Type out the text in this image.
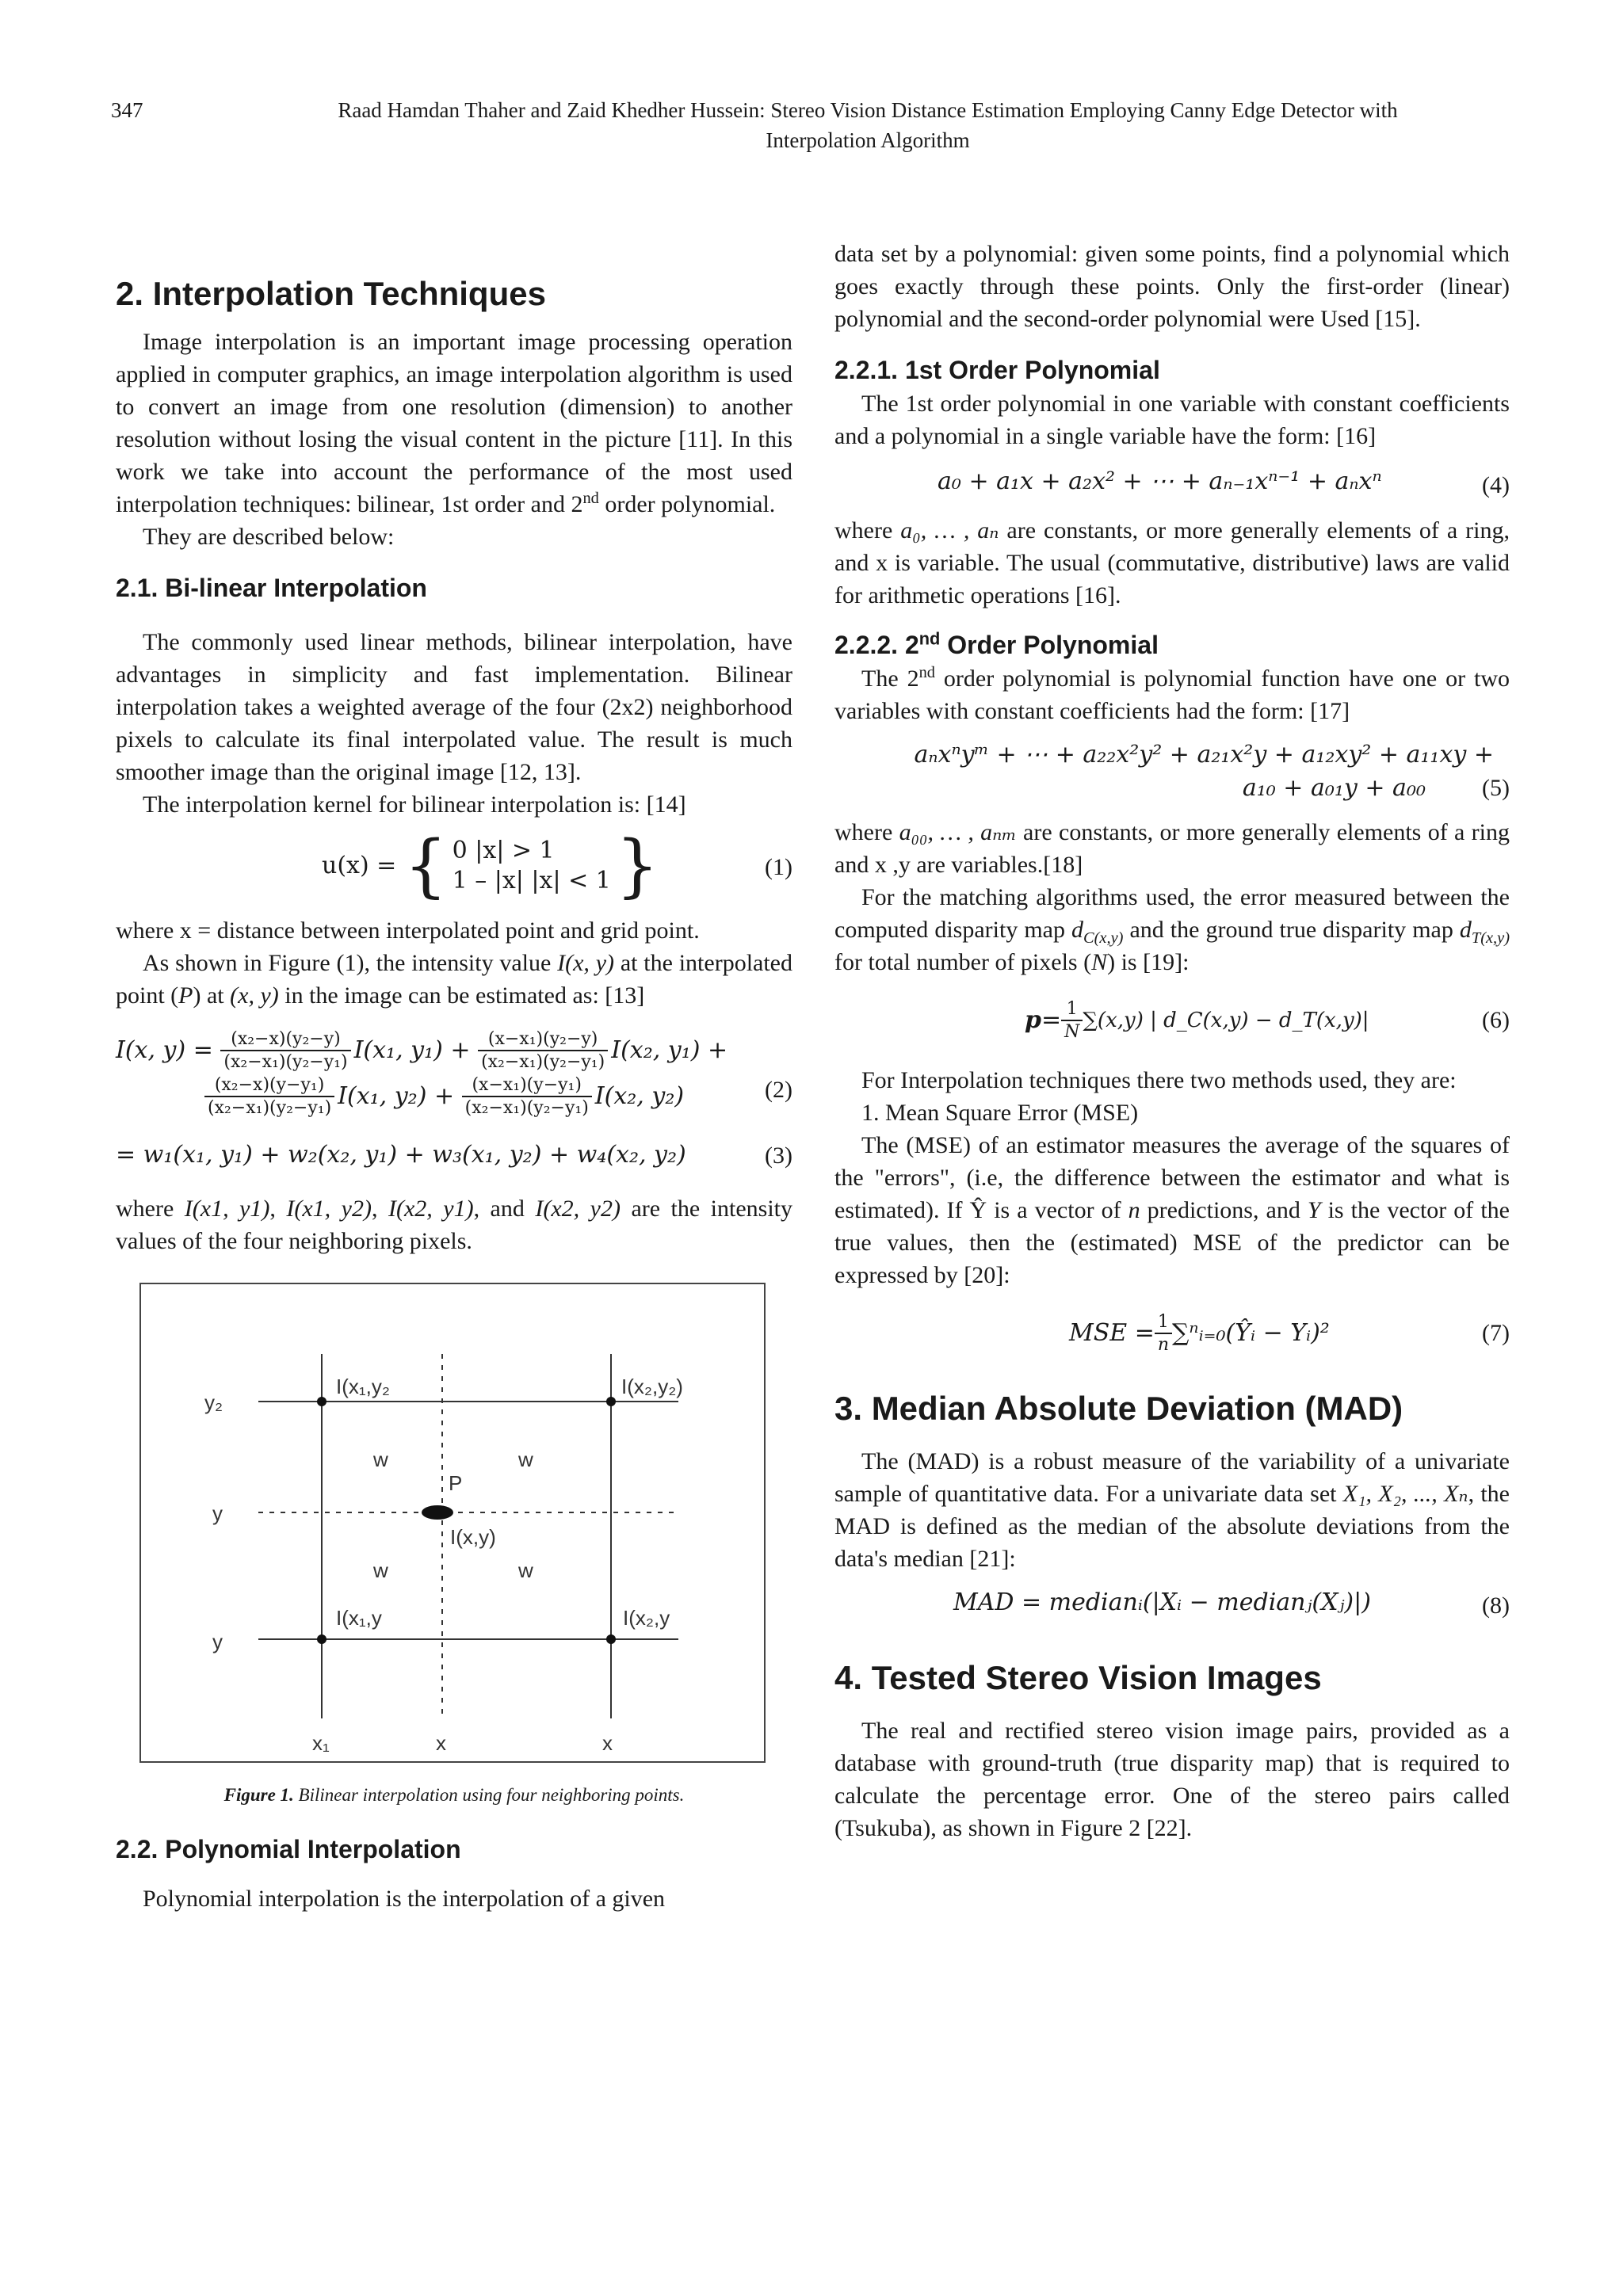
347	Raad Hamdan Thaher and Zaid Khedher Hussein: Stereo Vision Distance Estimation Employing Canny Edge Detector with
Interpolation Algorithm
2. Interpolation Techniques

Image interpolation is an important image processing operation applied in computer graphics, an image interpolation algorithm is used to convert an image from one resolution (dimension) to another resolution without losing the visual content in the picture [11]. In this work we take into account the performance of the most used interpolation techniques: bilinear, 1st order and 2nd order polynomial.

They are described below:

2.1. Bi-linear Interpolation

The commonly used linear methods, bilinear interpolation, have advantages in simplicity and fast implementation. Bilinear interpolation takes a weighted average of the four (2x2) neighborhood pixels to calculate its final interpolated value. The result is much smoother image than the original image [12, 13].

The interpolation kernel for bilinear interpolation is: [14]

u(x) = { 0 |x| > 1
1 – |x| |x| < 1 }	(1)

where x = distance between interpolated point and grid point.

As shown in Figure (1), the intensity value I(x, y) at the interpolated point (P) at (x, y) in the image can be estimated as: [13]

I(x, y) =
$\frac{\text{(x₂−x)(y₂−y)}}{\text{(x₂−x₁)(y₂−y₁)}} I(x_1$, y₁) +
$\frac{\text{(x−x₁)(y₂−y)}}{\text{(x₂−x₁)(y₂−y₁)}} I(x_2$, y₁) +
$\frac{\text{(x₂−x)(y−y₁)}}{\text{(x₂−x₁)(y₂−y₁)}} I(x_1$, y₂) +
$\frac{\text{(x−x₁)(y−y₁)}}{\text{(x₂−x₁)(y₂−y₁)}} I(x_2$, y₂)	(2)
= w₁(x₁, y₁) + w₂(x₂, y₁) + w₃(x₁, y₂) + w₄(x₂, y₂)	(3)

where I(x1, y1), I(x1, y2), I(x2, y1), and I(x2, y2) are the intensity values of the four neighboring pixels.

y₂
y
y
x₁	x	x
I(x₁,y₂	I(x₂,y₂)
I(x₁,y	I(x₂,y
P
I(x,y)
w	w
w	w
Figure 1. Bilinear interpolation using four neighboring points.
2.2. Polynomial Interpolation

Polynomial interpolation is the interpolation of a given

data set by a polynomial: given some points, find a polynomial which goes exactly through these points. Only the first-order (linear) polynomial and the second-order polynomial were Used [15].

2.2.1. 1st Order Polynomial

The 1st order polynomial in one variable with constant coefficients and a polynomial in a single variable have the form: [16]

a₀ + a₁x + a₂x² + ⋯ + aₙ₋₁xⁿ⁻¹ + aₙxⁿ	(4)

where a₀, … , aₙ are constants, or more generally elements of a ring, and x is variable. The usual (commutative, distributive) laws are valid for arithmetic operations [16].

2.2.2. 2nd Order Polynomial

The 2nd order polynomial is polynomial function have one or two variables with constant coefficients had the form: [17]

aₙxⁿyᵐ + ⋯ + a₂₂x²y² + a₂₁x²y + a₁₂xy² + a₁₁xy +
a₁₀ + a₀₁y + a₀₀	(5)

where a₀₀, … , aₙₘ are constants, or more generally elements of a ring and x ,y are variables.[18]

For the matching algorithms used, the error measured between the computed disparity map $d_{C(x,y)}$ and the ground true disparity map $d_{T(x,y)}$ for total number of pixels (N) is [19]:

$p = \frac{1}{N} \sum(x,y)$ | d_C(x,y) − d_T(x,y)|	(6)

For Interpolation techniques there two methods used, they are:

1. Mean Square Error (MSE)

The (MSE) of an estimator measures the average of the squares of the "errors", (i.e, the difference between the estimator and what is estimated). If Ŷ is a vector of n predictions, and Y is the vector of the true values, then the (estimated) MSE of the predictor can be expressed by [20]:

MSE = $\frac{1}{n}$ ∑ⁿᵢ₌₀(Ŷᵢ − Yᵢ)²	(7)
3. Median Absolute Deviation (MAD)

The (MAD) is a robust measure of the variability of a univariate sample of quantitative data. For a univariate data set X₁, X₂, ..., Xₙ, the MAD is defined as the median of the absolute deviations from the data's median [21]:

MAD = medianᵢ(|Xᵢ − medianⱼ(Xⱼ)|)	(8)
4. Tested Stereo Vision Images

The real and rectified stereo vision image pairs, provided as a database with ground-truth (true disparity map) that is required to calculate the percentage error. One of the stereo pairs called (Tsukuba), as shown in Figure 2 [22].
